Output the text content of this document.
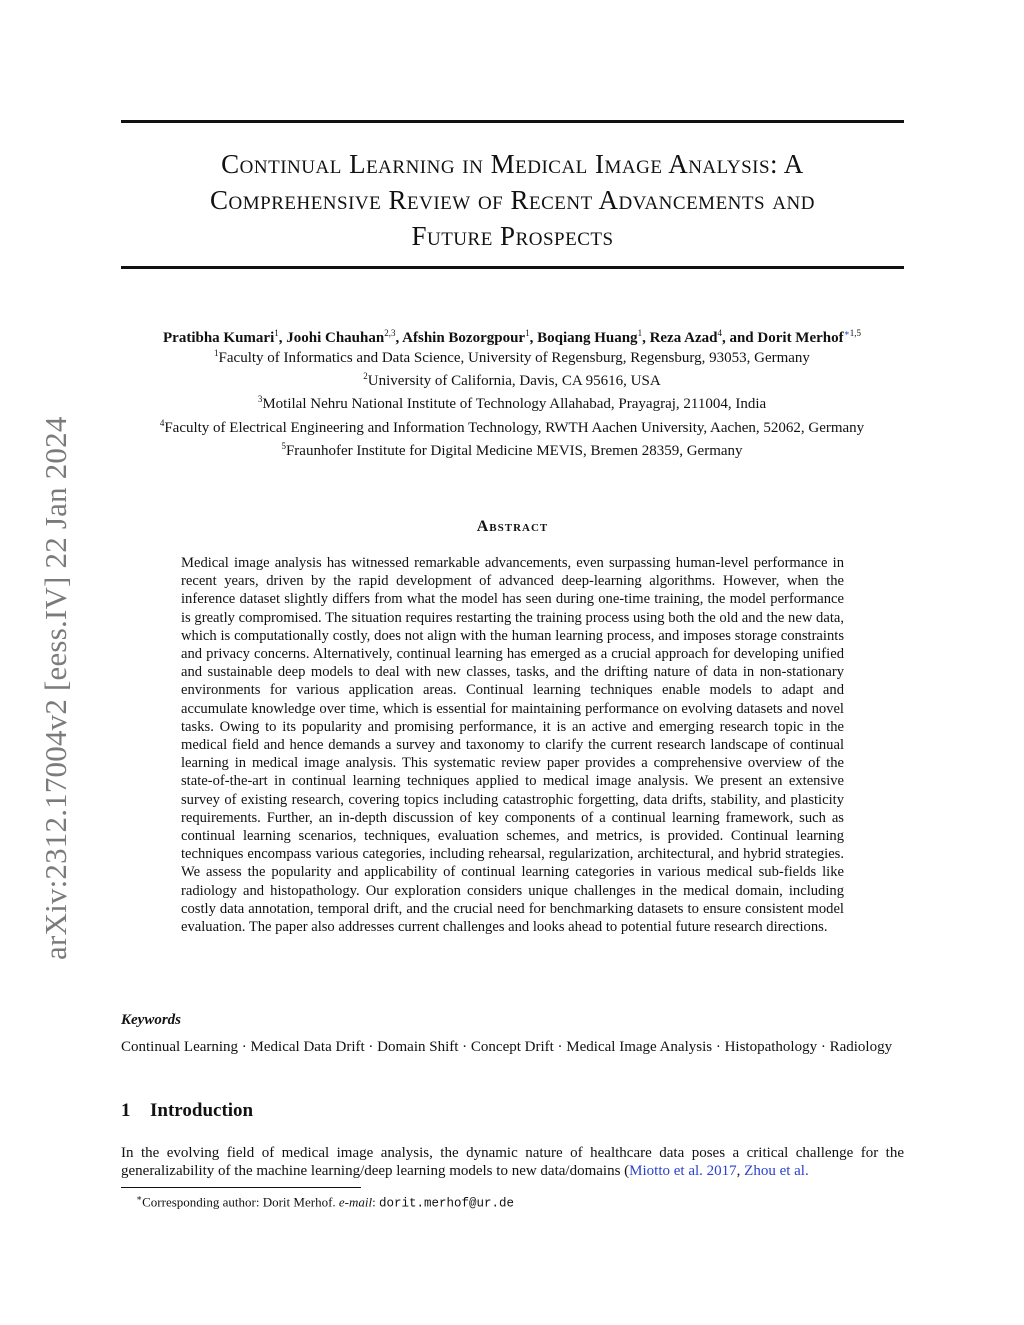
arXiv:2312.17004v2 [eess.IV] 22 Jan 2024
Continual Learning in Medical Image Analysis: A
Comprehensive Review of Recent Advancements and
Future Prospects
Pratibha Kumari$^1$, Joohi Chauhan$^{2,3}$, Afshin Bozorgpour$^1$, Boqiang Huang$^1$, Reza Azad$^4$, and Dorit Merhof$^{∗1,5}$
$^1$Faculty of Informatics and Data Science, University of Regensburg, Regensburg, 93053, Germany
$^2$University of California, Davis, CA 95616, USA
$^3$Motilal Nehru National Institute of Technology Allahabad, Prayagraj, 211004, India
$^4$Faculty of Electrical Engineering and Information Technology, RWTH Aachen University, Aachen, 52062, Germany
$^5$Fraunhofer Institute for Digital Medicine MEVIS, Bremen 28359, Germany
Abstract
Medical image analysis has witnessed remarkable advancements, even surpassing human-level performance in recent years, driven by the rapid development of advanced deep-learning algorithms. However, when the inference dataset slightly differs from what the model has seen during one-time training, the model performance is greatly compromised. The situation requires restarting the training process using both the old and the new data, which is computationally costly, does not align with the human learning process, and imposes storage constraints and privacy concerns. Alternatively, continual learning has emerged as a crucial approach for developing unified and sustainable deep models to deal with new classes, tasks, and the drifting nature of data in non-stationary environments for various application areas. Continual learning techniques enable models to adapt and accumulate knowledge over time, which is essential for maintaining performance on evolving datasets and novel tasks. Owing to its popularity and promising performance, it is an active and emerging research topic in the medical field and hence demands a survey and taxonomy to clarify the current research landscape of continual learning in medical image analysis. This systematic review paper provides a comprehensive overview of the state-of-the-art in continual learning techniques applied to medical image analysis. We present an extensive survey of existing research, covering topics including catastrophic forgetting, data drifts, stability, and plasticity requirements. Further, an in-depth discussion of key components of a continual learning framework, such as continual learning scenarios, techniques, evaluation schemes, and metrics, is provided. Continual learning techniques encompass various categories, including rehearsal, regularization, architectural, and hybrid strategies. We assess the popularity and applicability of continual learning categories in various medical sub-fields like radiology and histopathology. Our exploration considers unique challenges in the medical domain, including costly data annotation, temporal drift, and the crucial need for benchmarking datasets to ensure consistent model evaluation. The paper also addresses current challenges and looks ahead to potential future research directions.
Keywords
Continual Learning · Medical Data Drift · Domain Shift · Concept Drift · Medical Image Analysis · Histopathology · Radiology
1 Introduction
In the evolving field of medical image analysis, the dynamic nature of healthcare data poses a critical challenge for the generalizability of the machine learning/deep learning models to new data/domains (Miotto et al. 2017, Zhou et al.
∗Corresponding author: Dorit Merhof. e-mail: dorit.merhof@ur.de
